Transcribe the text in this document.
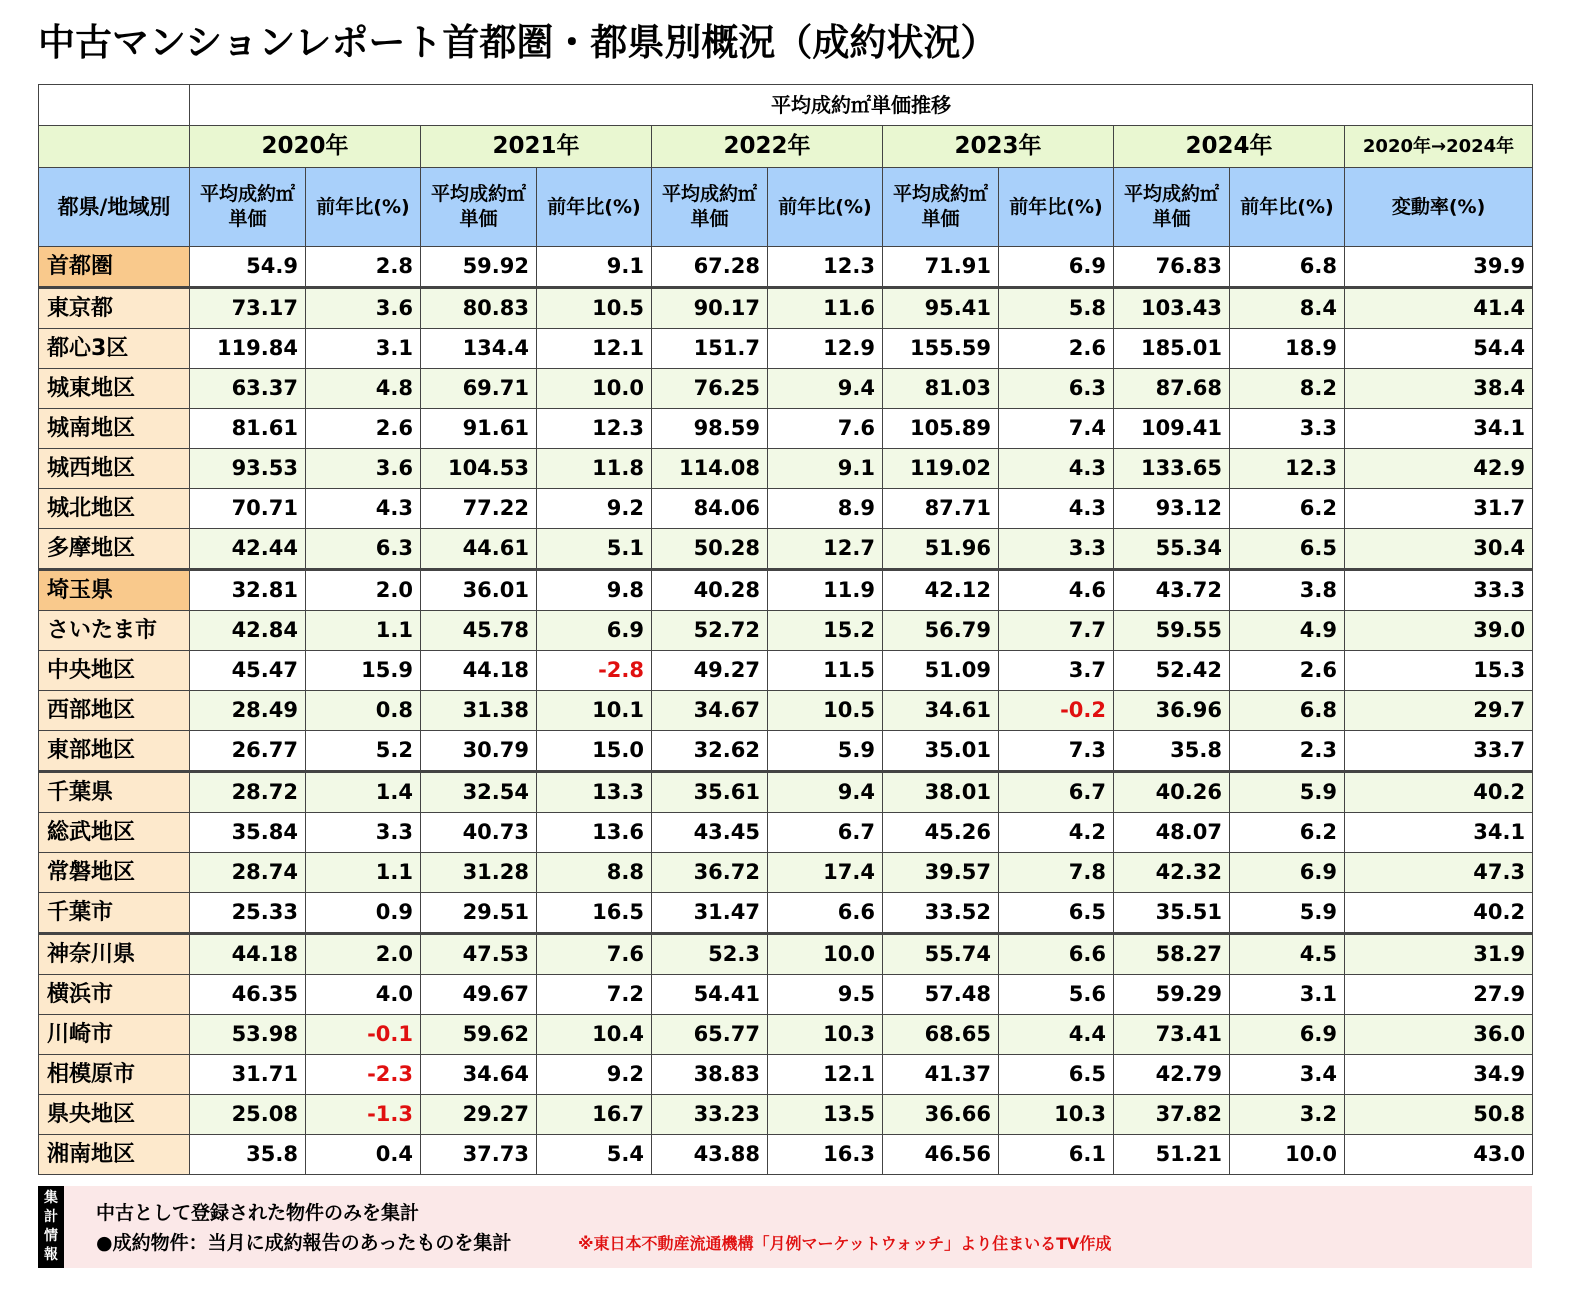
中古マンションレポート首都圏・都県別概況（成約状況）
	平均成約㎡単価推移										
	2020年		2021年		2022年		2023年		2024年		2020年→2024年
都県/地域別	平均成約㎡単価	前年比(%)	平均成約㎡単価	前年比(%)	平均成約㎡単価	前年比(%)	平均成約㎡単価	前年比(%)	平均成約㎡単価	前年比(%)	変動率(%)
首都圏	54.9	2.8	59.92	9.1	67.28	12.3	71.91	6.9	76.83	6.8	39.9
東京都	73.17	3.6	80.83	10.5	90.17	11.6	95.41	5.8	103.43	8.4	41.4
都心3区	119.84	3.1	134.4	12.1	151.7	12.9	155.59	2.6	185.01	18.9	54.4
城東地区	63.37	4.8	69.71	10.0	76.25	9.4	81.03	6.3	87.68	8.2	38.4
城南地区	81.61	2.6	91.61	12.3	98.59	7.6	105.89	7.4	109.41	3.3	34.1
城西地区	93.53	3.6	104.53	11.8	114.08	9.1	119.02	4.3	133.65	12.3	42.9
城北地区	70.71	4.3	77.22	9.2	84.06	8.9	87.71	4.3	93.12	6.2	31.7
多摩地区	42.44	6.3	44.61	5.1	50.28	12.7	51.96	3.3	55.34	6.5	30.4
埼玉県	32.81	2.0	36.01	9.8	40.28	11.9	42.12	4.6	43.72	3.8	33.3
さいたま市	42.84	1.1	45.78	6.9	52.72	15.2	56.79	7.7	59.55	4.9	39.0
中央地区	45.47	15.9	44.18	-2.8	49.27	11.5	51.09	3.7	52.42	2.6	15.3
西部地区	28.49	0.8	31.38	10.1	34.67	10.5	34.61	-0.2	36.96	6.8	29.7
東部地区	26.77	5.2	30.79	15.0	32.62	5.9	35.01	7.3	35.8	2.3	33.7
千葉県	28.72	1.4	32.54	13.3	35.61	9.4	38.01	6.7	40.26	5.9	40.2
総武地区	35.84	3.3	40.73	13.6	43.45	6.7	45.26	4.2	48.07	6.2	34.1
常磐地区	28.74	1.1	31.28	8.8	36.72	17.4	39.57	7.8	42.32	6.9	47.3
千葉市	25.33	0.9	29.51	16.5	31.47	6.6	33.52	6.5	35.51	5.9	40.2
神奈川県	44.18	2.0	47.53	7.6	52.3	10.0	55.74	6.6	58.27	4.5	31.9
横浜市	46.35	4.0	49.67	7.2	54.41	9.5	57.48	5.6	59.29	3.1	27.9
川崎市	53.98	-0.1	59.62	10.4	65.77	10.3	68.65	4.4	73.41	6.9	36.0
相模原市	31.71	-2.3	34.64	9.2	38.83	12.1	41.37	6.5	42.79	3.4	34.9
県央地区	25.08	-1.3	29.27	16.7	33.23	13.5	36.66	10.3	37.82	3.2	50.8
湘南地区	35.8	0.4	37.73	5.4	43.88	16.3	46.56	6.1	51.21	10.0	43.0
集
計
情
報
中古として登録された物件のみを集計
●成約物件：当月に成約報告のあったものを集計	※東日本不動産流通機構「月例マーケットウォッチ」より住まいるTV作成
